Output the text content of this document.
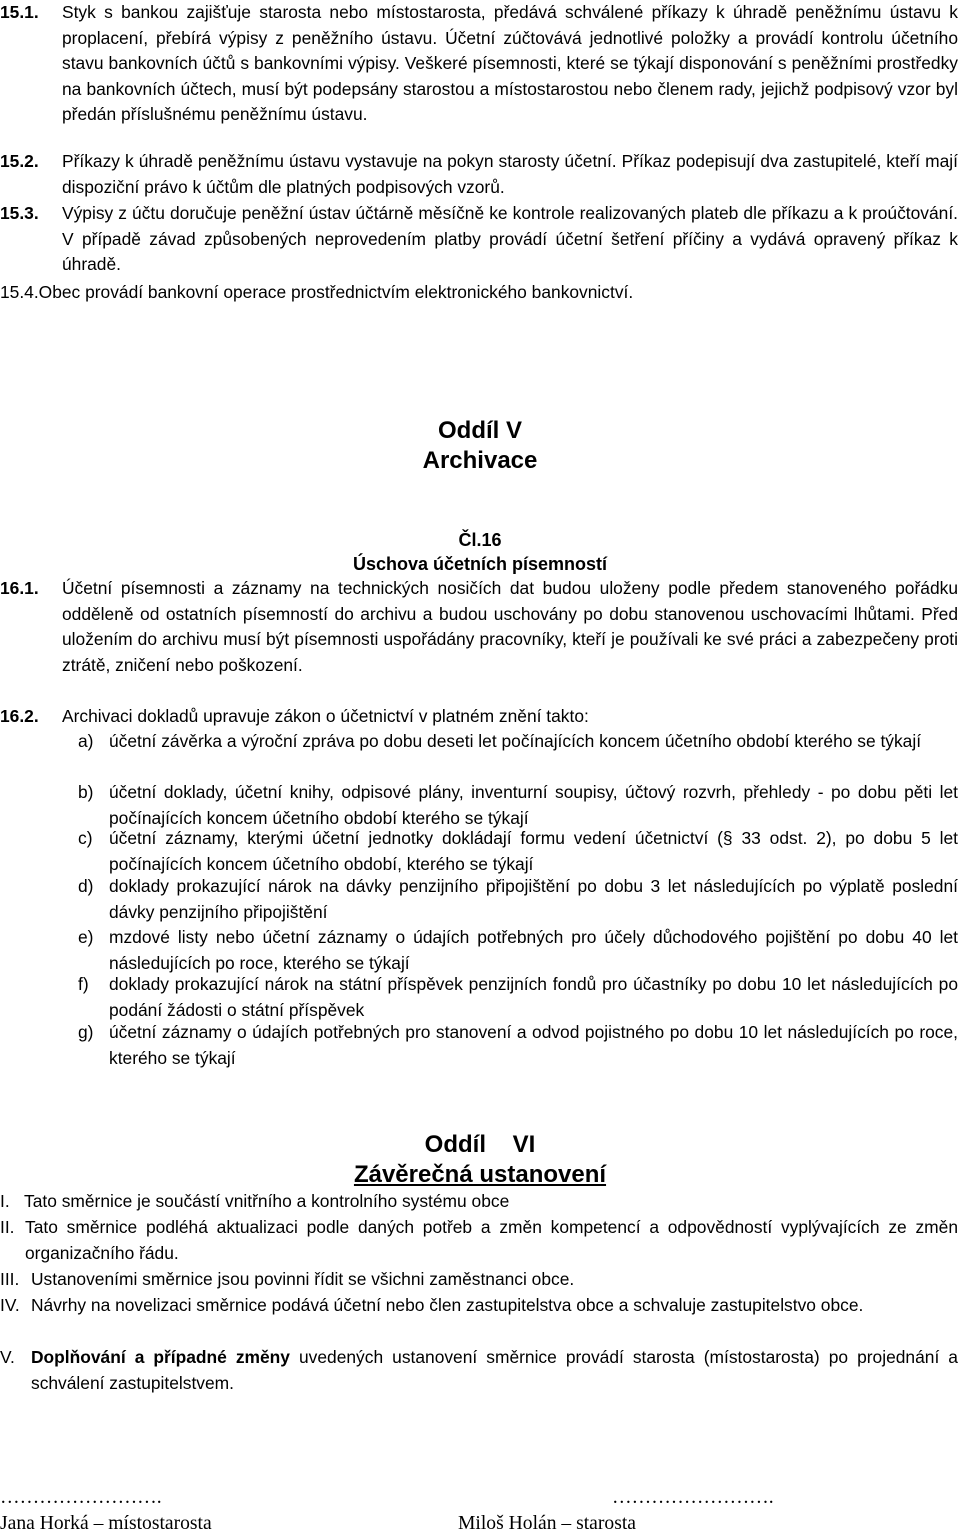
15.1. Styk s bankou zajišťuje starosta nebo místostarosta, předává schválené příkazy k úhradě peněžnímu ústavu k proplacení, přebírá výpisy z peněžního ústavu. Účetní zúčtovává jednotlivé položky a provádí kontrolu účetního stavu bankovních účtů s bankovními výpisy. Veškeré písemnosti, které se týkají disponování s peněžními prostředky na bankovních účtech, musí být podepsány starostou a místostarostou nebo členem rady, jejichž podpisový vzor byl předán příslušnému peněžnímu ústavu.
15.2. Příkazy k úhradě peněžnímu ústavu vystavuje na pokyn starosty účetní. Příkaz podepisují dva zastupitelé, kteří mají dispoziční právo k účtům dle platných podpisových vzorů.
15.3. Výpisy z účtu doručuje peněžní ústav účtárně měsíčně ke kontrole realizovaných plateb dle příkazu a k proúčtování. V případě závad způsobených neprovedením platby provádí účetní šetření příčiny a vydává opravený příkaz k úhradě.
15.4.Obec provádí bankovní operace prostřednictvím elektronického bankovnictví.
Oddíl V
Archivace
Čl.16
Úschova účetních písemností
16.1. Účetní písemnosti a záznamy na technických nosičích dat budou uloženy podle předem stanoveného pořádku odděleně od ostatních písemností do archivu a budou uschovány po dobu stanovenou uschovacími lhůtami. Před uložením do archivu musí být písemnosti uspořádány pracovníky, kteří je používali ke své práci a zabezpečeny proti ztrátě, zničení nebo poškození.
16.2. Archivaci dokladů upravuje zákon o účetnictví v platném znění takto:
a) účetní závěrka a výroční zpráva po dobu deseti let počínajících koncem účetního období kterého se týkají
b) účetní doklady, účetní knihy, odpisové plány, inventurní soupisy, účtový rozvrh, přehledy - po dobu pěti let počínajících koncem účetního období kterého se týkají
c) účetní záznamy, kterými účetní jednotky dokládají formu vedení účetnictví (§ 33 odst. 2), po dobu 5 let počínajících koncem účetního období, kterého se týkají
d) doklady prokazující nárok na dávky penzijního připojištění po dobu 3 let následujících po výplatě poslední dávky penzijního připojištění
e) mzdové listy nebo účetní záznamy o údajích potřebných pro účely důchodového pojištění po dobu 40 let následujících po roce, kterého se týkají
f) doklady prokazující nárok na státní příspěvek penzijních fondů pro účastníky po dobu 10 let následujících po podání žádosti o státní příspěvek
g) účetní záznamy o údajích potřebných pro stanovení a odvod pojistného po dobu 10 let následujících po roce, kterého se týkají
Oddíl    VI
Závěrečná ustanovení
I. Tato směrnice je součástí vnitřního a kontrolního systému obce
II. Tato směrnice podléhá aktualizaci podle daných potřeb a změn kompetencí a odpovědností vyplývajících ze změn organizačního řádu.
III. Ustanoveními směrnice jsou povinni řídit se všichni zaměstnanci obce.
IV. Návrhy na novelizaci směrnice podává účetní nebo člen zastupitelstva obce a schvaluje zastupitelstvo obce.
V. Doplňování a případné změny uvedených ustanovení směrnice provádí starosta (místostarosta) po projednání a schválení zastupitelstvem.
…………………….
Jana Horká – místostarosta
…………………….
Miloš Holán – starosta
